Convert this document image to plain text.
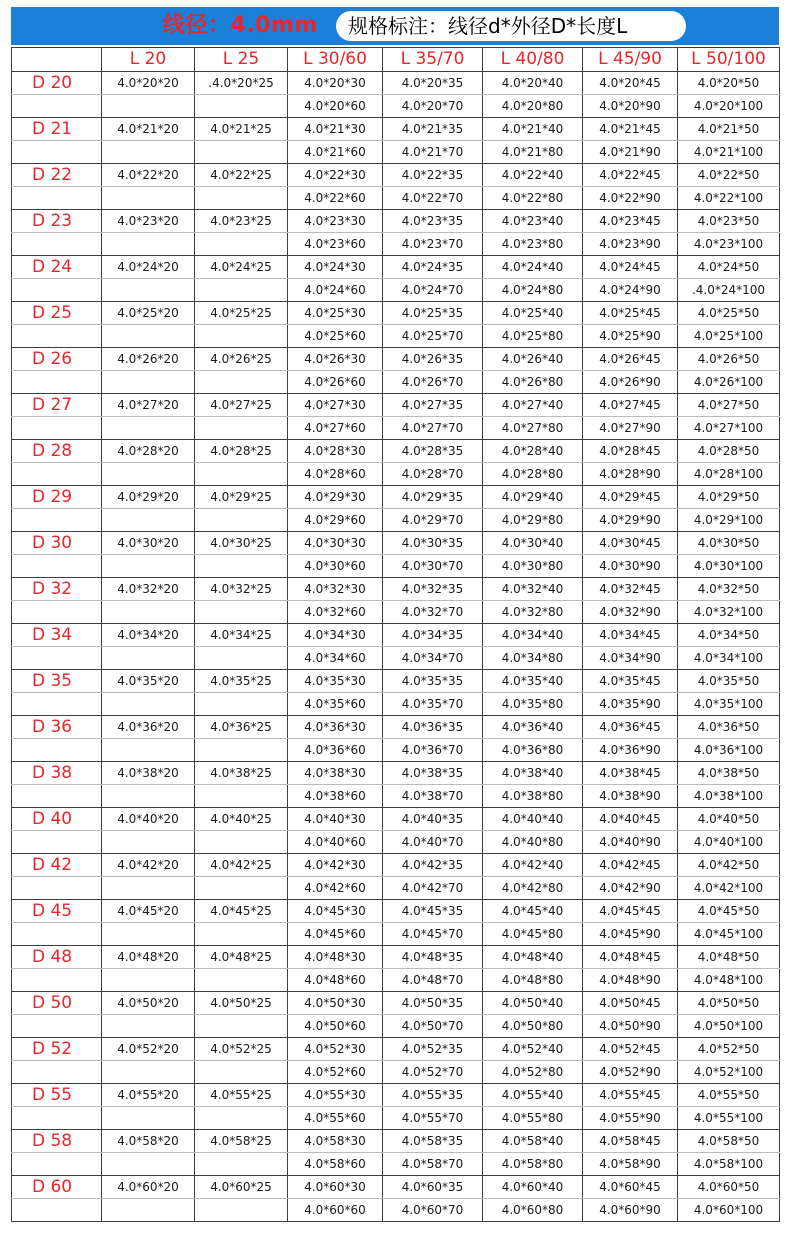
线径：4.0mm 规格标注：线径d*外径D*长度L
	L 20	L 25	L 30/60	L 35/70	L 40/80	L 45/90	L 50/100
D 20	4.0*20*20	.4.0*20*25	4.0*20*30	4.0*20*35	4.0*20*40	4.0*20*45	4.0*20*50
			4.0*20*60	4.0*20*70	4.0*20*80	4.0*20*90	4.0*20*100
D 21	4.0*21*20	4.0*21*25	4.0*21*30	4.0*21*35	4.0*21*40	4.0*21*45	4.0*21*50
			4.0*21*60	4.0*21*70	4.0*21*80	4.0*21*90	4.0*21*100
D 22	4.0*22*20	4.0*22*25	4.0*22*30	4.0*22*35	4.0*22*40	4.0*22*45	4.0*22*50
			4.0*22*60	4.0*22*70	4.0*22*80	4.0*22*90	4.0*22*100
D 23	4.0*23*20	4.0*23*25	4.0*23*30	4.0*23*35	4.0*23*40	4.0*23*45	4.0*23*50
			4.0*23*60	4.0*23*70	4.0*23*80	4.0*23*90	4.0*23*100
D 24	4.0*24*20	4.0*24*25	4.0*24*30	4.0*24*35	4.0*24*40	4.0*24*45	4.0*24*50
			4.0*24*60	4.0*24*70	4.0*24*80	4.0*24*90	.4.0*24*100
D 25	4.0*25*20	4.0*25*25	4.0*25*30	4.0*25*35	4.0*25*40	4.0*25*45	4.0*25*50
			4.0*25*60	4.0*25*70	4.0*25*80	4.0*25*90	4.0*25*100
D 26	4.0*26*20	4.0*26*25	4.0*26*30	4.0*26*35	4.0*26*40	4.0*26*45	4.0*26*50
			4.0*26*60	4.0*26*70	4.0*26*80	4.0*26*90	4.0*26*100
D 27	4.0*27*20	4.0*27*25	4.0*27*30	4.0*27*35	4.0*27*40	4.0*27*45	4.0*27*50
			4.0*27*60	4.0*27*70	4.0*27*80	4.0*27*90	4.0*27*100
D 28	4.0*28*20	4.0*28*25	4.0*28*30	4.0*28*35	4.0*28*40	4.0*28*45	4.0*28*50
			4.0*28*60	4.0*28*70	4.0*28*80	4.0*28*90	4.0*28*100
D 29	4.0*29*20	4.0*29*25	4.0*29*30	4.0*29*35	4.0*29*40	4.0*29*45	4.0*29*50
			4.0*29*60	4.0*29*70	4.0*29*80	4.0*29*90	4.0*29*100
D 30	4.0*30*20	4.0*30*25	4.0*30*30	4.0*30*35	4.0*30*40	4.0*30*45	4.0*30*50
			4.0*30*60	4.0*30*70	4.0*30*80	4.0*30*90	4.0*30*100
D 32	4.0*32*20	4.0*32*25	4.0*32*30	4.0*32*35	4.0*32*40	4.0*32*45	4.0*32*50
			4.0*32*60	4.0*32*70	4.0*32*80	4.0*32*90	4.0*32*100
D 34	4.0*34*20	4.0*34*25	4.0*34*30	4.0*34*35	4.0*34*40	4.0*34*45	4.0*34*50
			4.0*34*60	4.0*34*70	4.0*34*80	4.0*34*90	4.0*34*100
D 35	4.0*35*20	4.0*35*25	4.0*35*30	4.0*35*35	4.0*35*40	4.0*35*45	4.0*35*50
			4.0*35*60	4.0*35*70	4.0*35*80	4.0*35*90	4.0*35*100
D 36	4.0*36*20	4.0*36*25	4.0*36*30	4.0*36*35	4.0*36*40	4.0*36*45	4.0*36*50
			4.0*36*60	4.0*36*70	4.0*36*80	4.0*36*90	4.0*36*100
D 38	4.0*38*20	4.0*38*25	4.0*38*30	4.0*38*35	4.0*38*40	4.0*38*45	4.0*38*50
			4.0*38*60	4.0*38*70	4.0*38*80	4.0*38*90	4.0*38*100
D 40	4.0*40*20	4.0*40*25	4.0*40*30	4.0*40*35	4.0*40*40	4.0*40*45	4.0*40*50
			4.0*40*60	4.0*40*70	4.0*40*80	4.0*40*90	4.0*40*100
D 42	4.0*42*20	4.0*42*25	4.0*42*30	4.0*42*35	4.0*42*40	4.0*42*45	4.0*42*50
			4.0*42*60	4.0*42*70	4.0*42*80	4.0*42*90	4.0*42*100
D 45	4.0*45*20	4.0*45*25	4.0*45*30	4.0*45*35	4.0*45*40	4.0*45*45	4.0*45*50
			4.0*45*60	4.0*45*70	4.0*45*80	4.0*45*90	4.0*45*100
D 48	4.0*48*20	4.0*48*25	4.0*48*30	4.0*48*35	4.0*48*40	4.0*48*45	4.0*48*50
			4.0*48*60	4.0*48*70	4.0*48*80	4.0*48*90	4.0*48*100
D 50	4.0*50*20	4.0*50*25	4.0*50*30	4.0*50*35	4.0*50*40	4.0*50*45	4.0*50*50
			4.0*50*60	4.0*50*70	4.0*50*80	4.0*50*90	4.0*50*100
D 52	4.0*52*20	4.0*52*25	4.0*52*30	4.0*52*35	4.0*52*40	4.0*52*45	4.0*52*50
			4.0*52*60	4.0*52*70	4.0*52*80	4.0*52*90	4.0*52*100
D 55	4.0*55*20	4.0*55*25	4.0*55*30	4.0*55*35	4.0*55*40	4.0*55*45	4.0*55*50
			4.0*55*60	4.0*55*70	4.0*55*80	4.0*55*90	4.0*55*100
D 58	4.0*58*20	4.0*58*25	4.0*58*30	4.0*58*35	4.0*58*40	4.0*58*45	4.0*58*50
			4.0*58*60	4.0*58*70	4.0*58*80	4.0*58*90	4.0*58*100
D 60	4.0*60*20	4.0*60*25	4.0*60*30	4.0*60*35	4.0*60*40	4.0*60*45	4.0*60*50
			4.0*60*60	4.0*60*70	4.0*60*80	4.0*60*90	4.0*60*100
